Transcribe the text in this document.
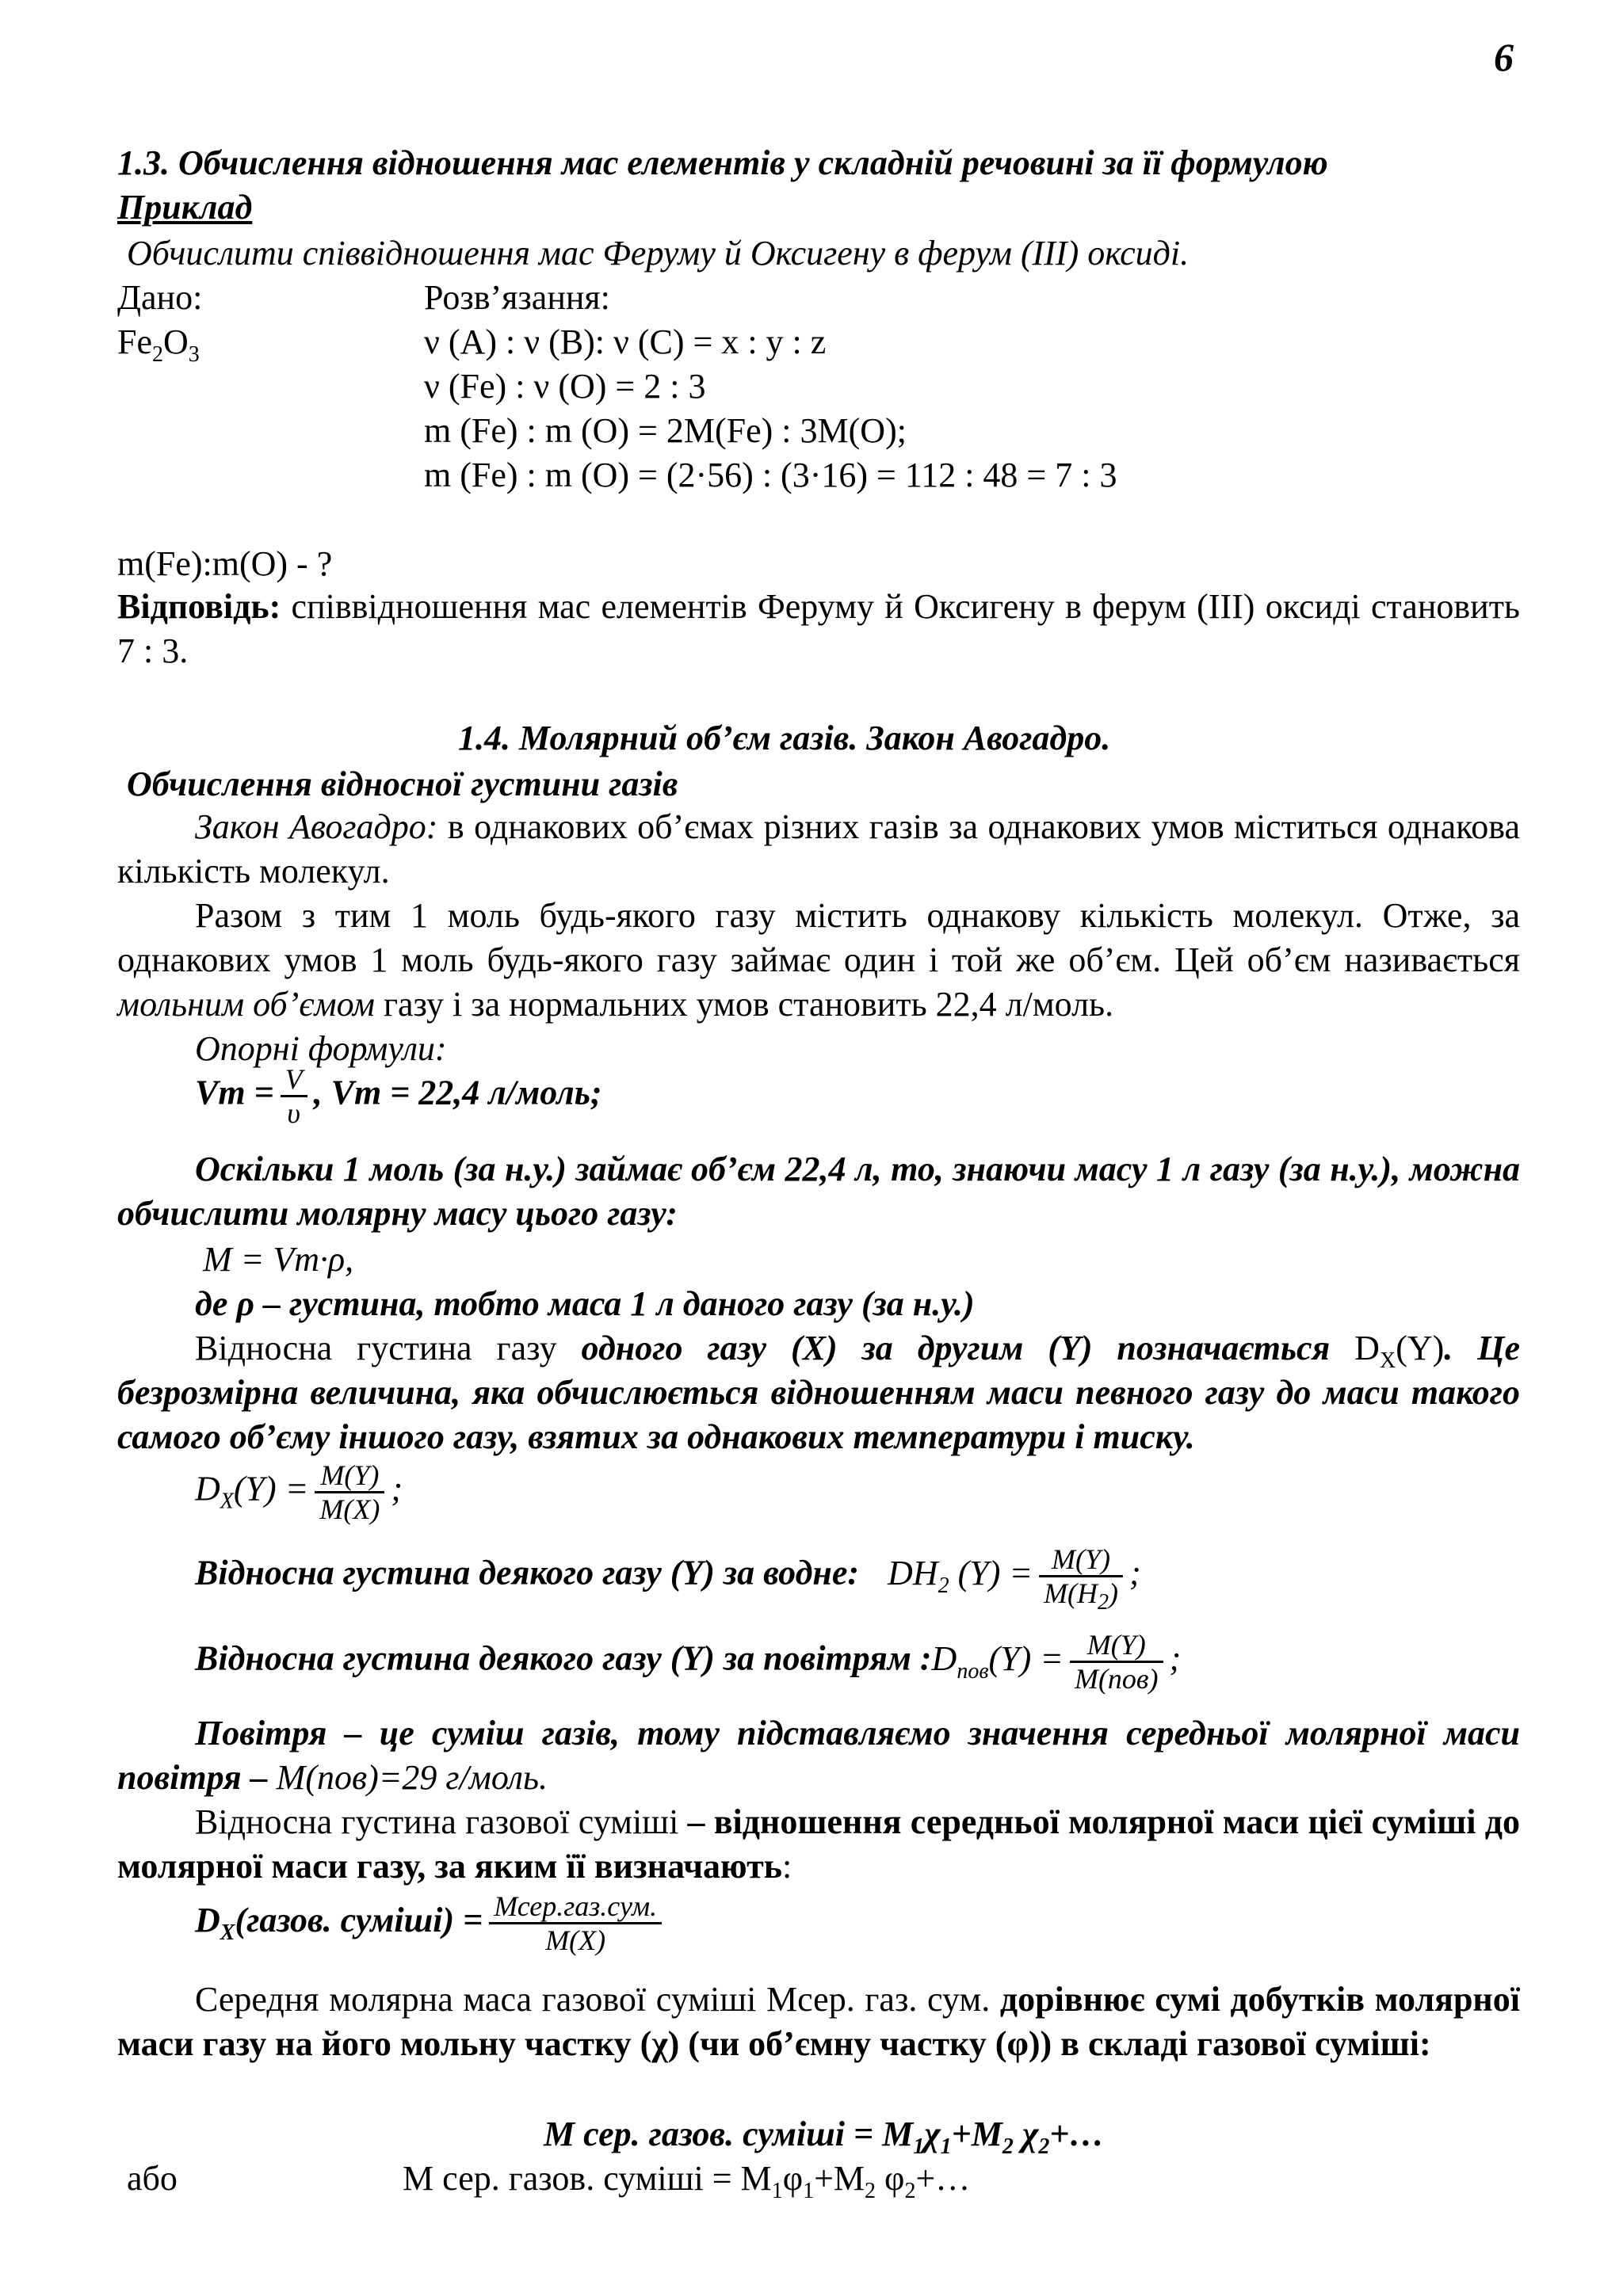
6
1.3. Обчислення відношення мас елементів у складній речовині за її формулою
Приклад
Обчислити співвідношення мас Феруму й Оксигену в ферум (ІІІ) оксиді.
Дано:	Розв’язання:
$Fe_2O_3$	ν (A) : ν (B): ν (C) = x : y : z
ν (Fe) : ν (O) = 2 : 3
m (Fe) : m (O) = 2M(Fe) : 3M(O);
m (Fe) : m (O) = (2·56) : (3·16) = 112 : 48 = 7 : 3
m(Fe):m(O) - ?
Відповідь: співвідношення мас елементів Феруму й Оксигену в ферум (ІІІ) оксиді становить 7 : 3.
1.4. Молярний об’єм газів. Закон Авогадро.
Обчислення відносної густини газів
Закон Авогадро: в однакових об’ємах різних газів за однакових умов міститься однакова кількість молекул.
Разом з тим 1 моль будь-якого газу містить однакову кількість молекул. Отже, за однакових умов 1 моль будь-якого газу займає один і той же об’єм. Цей об’єм називається мольним об’ємом газу і за нормальних умов становить 22,4 л/моль.
Опорні формули:
$Vm = \frac{V}{\upsilon}$ , Vm = 22,4 л/моль;
Оскільки 1 моль (за н.у.) займає об’єм 22,4 л, то, знаючи масу 1 л газу (за н.у.), можна обчислити молярну масу цього газу:
M = Vm·ρ,
де ρ – густина, тобто маса 1 л даного газу (за н.у.)
Відносна густина газу одного газу (X) за другим (Y) позначається $D_X(Y)$. Це безрозмірна величина, яка обчислюється відношенням маси певного газу до маси такого самого об’єму іншого газу, взятих за однакових температури і тиску.
$D_X(Y) = \frac{M(Y)}{M(X)}$ ;
Відносна густина деякого газу (Y) за водне: $DH_2$ $(Y) = \frac{M(Y)}{M(H_2)}$ ;
Відносна густина деякого газу (Y) за повітрям $:D_{пов}(Y) = \frac{M(Y)}{\text{M(пов)}}$ ;
Повітря – це суміш газів, тому підставляємо значення середньої молярної маси повітря – M(пов)=29 г/моль.
Відносна густина газової суміші – відношення середньої молярної маси цієї суміші до молярної маси газу, за яким її визначають:
$D_X(газов$. суміші) = $\frac{\text{Мсер.газ.сум.}}{M(X)}$
Середня молярна маса газової суміші Мсер. газ. сум. дорівнює сумі добутків молярної маси газу на його мольну частку (χ) (чи об’ємну частку (φ)) в складі газової суміші:
М сер. газов. суміші = $М_1\chi_1+М_2$ $\chi_2+\dots$
або	М сер. газов. суміші = $М_1\varphi_1+М_2$ $\varphi_2+\dots$
